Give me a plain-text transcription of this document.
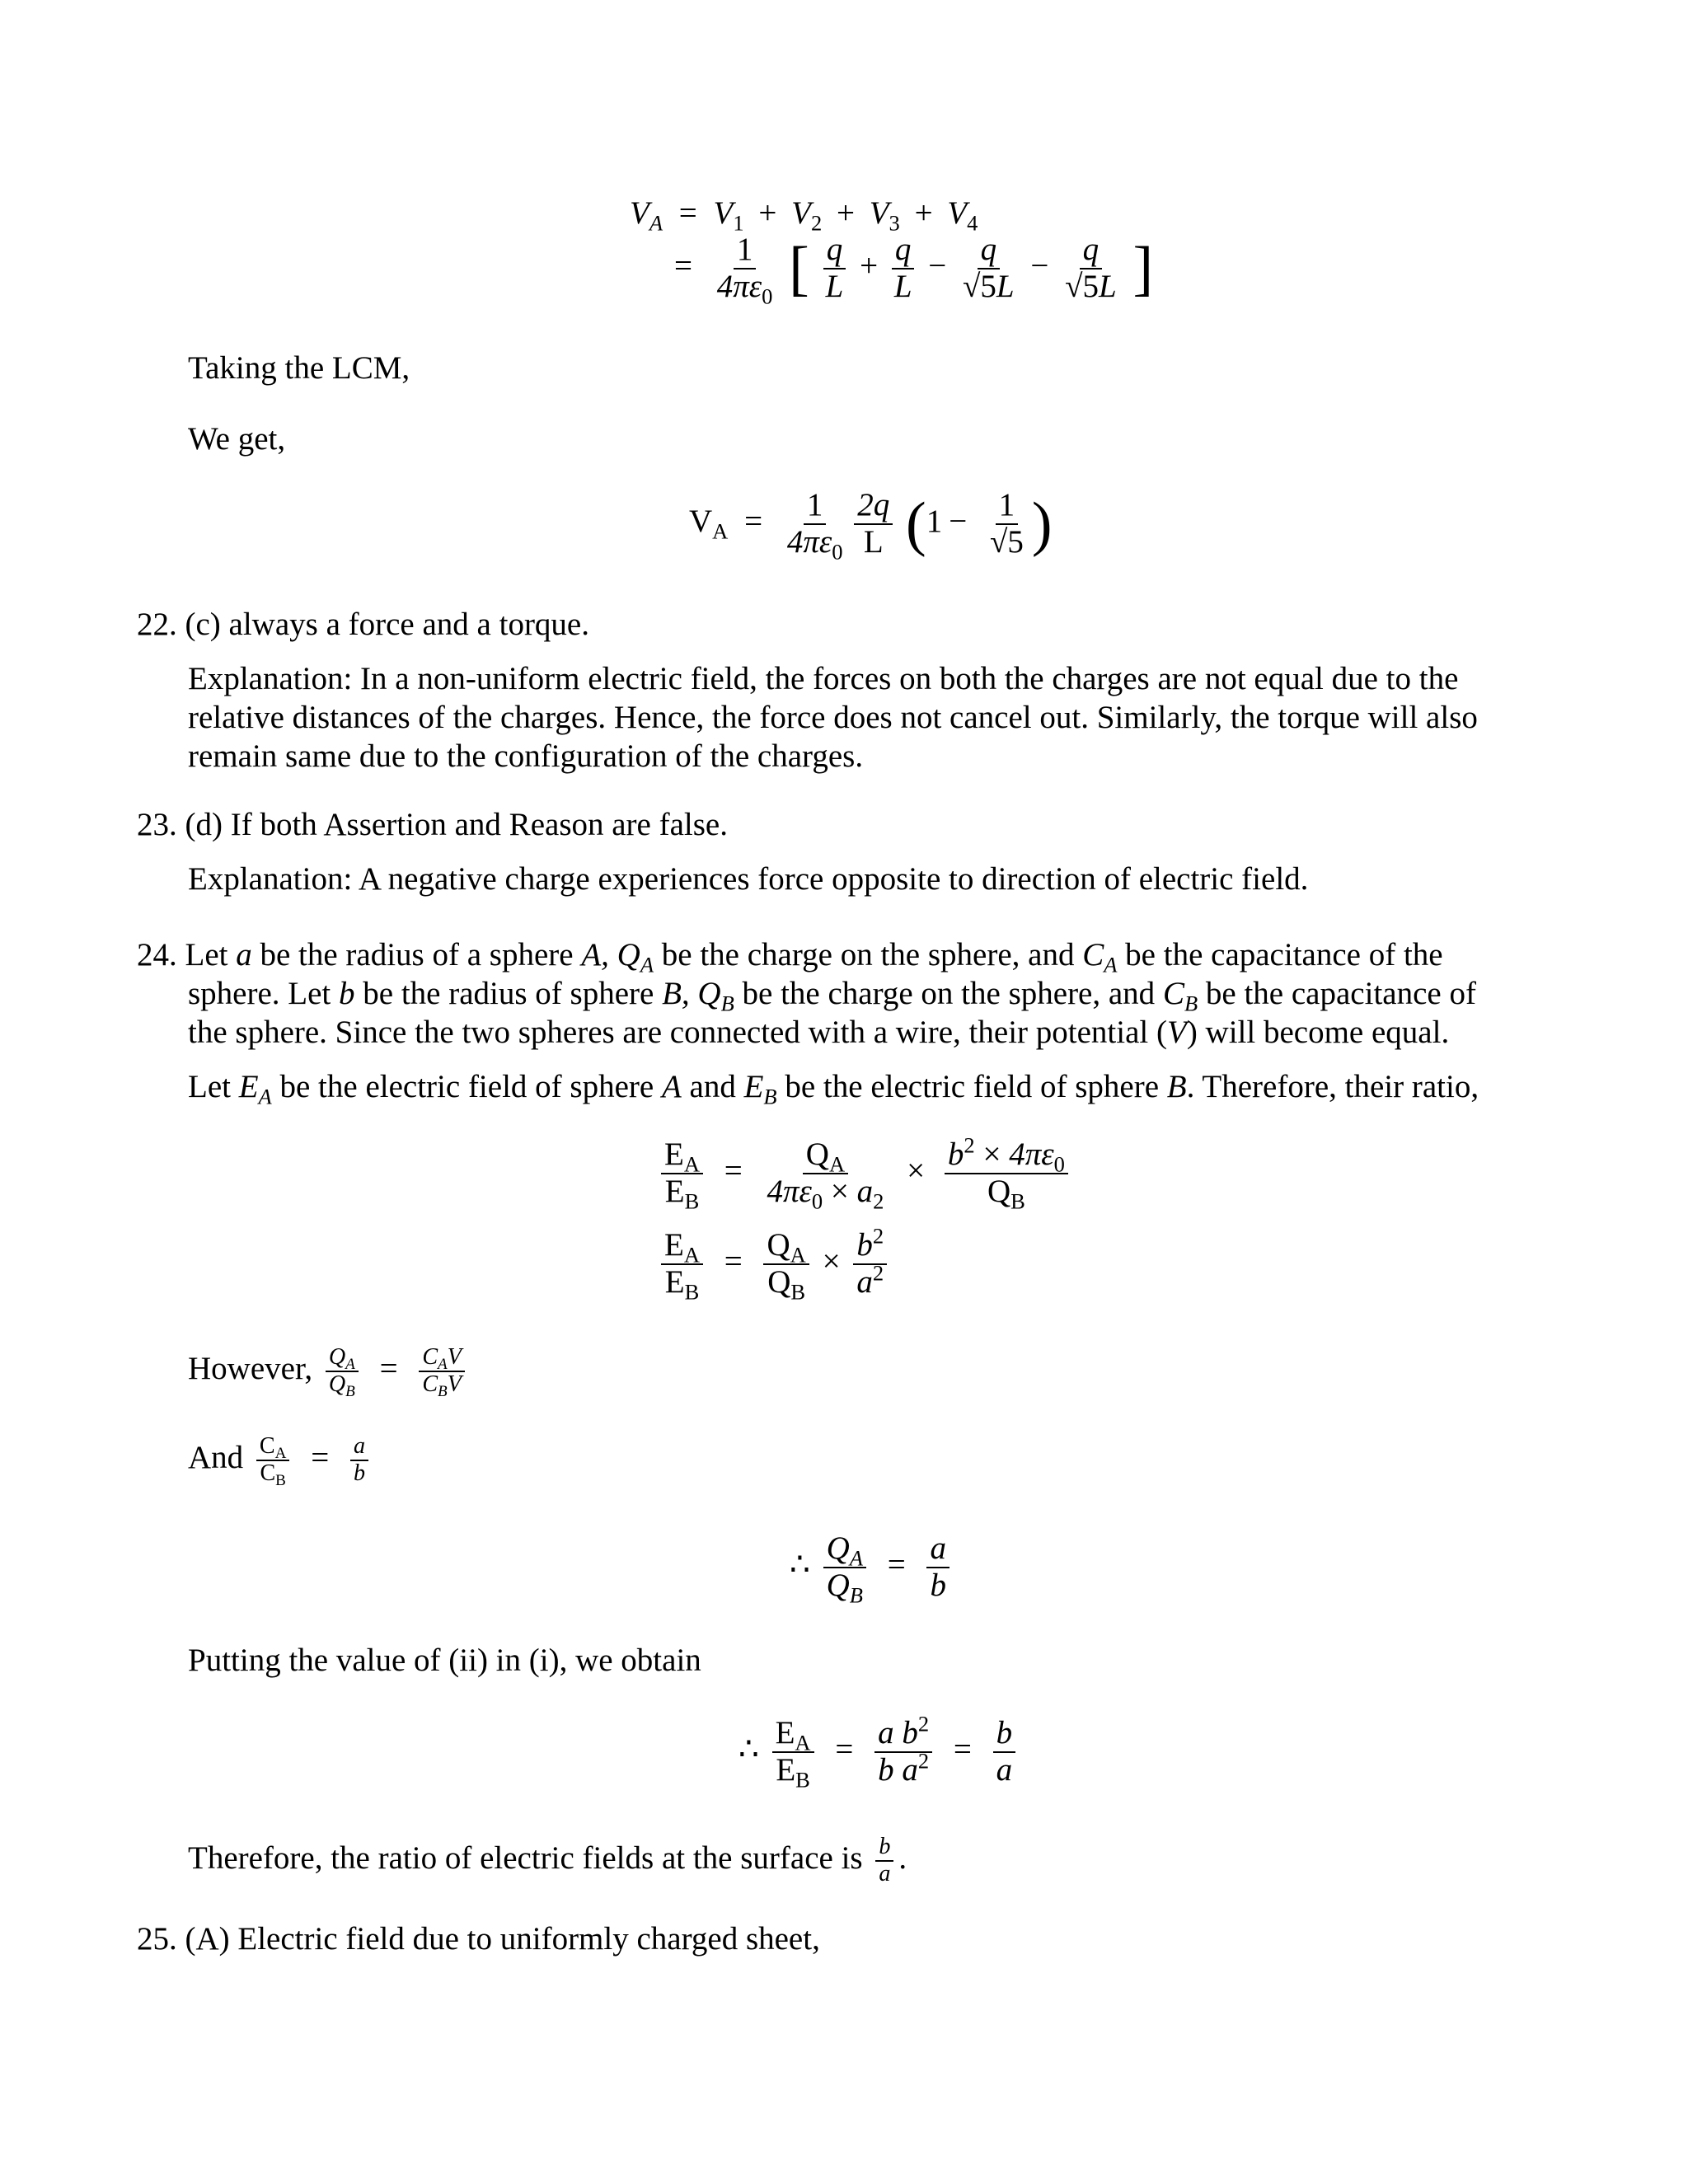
$V_A = V_1 + V_2 + V_3 + V_4$
= $\frac{1}{4\pi\varepsilon_0}$ [ $\frac{q}{L} + \frac{q}{L} - \frac{q}{√5L} - \frac{q}{√5L}$ ]
Taking the LCM,
We get,
$V_A = \frac{1}{4\pi\varepsilon_0}$
$\frac{2q}{L} (1 - \frac{1}{√5}$ )
22. (c) always a force and a torque.
Explanation: In a non-uniform electric field, the forces on both the charges are not equal due to the relative distances of the charges. Hence, the force does not cancel out. Similarly, the torque will also remain same due to the configuration of the charges.
23. (d) If both Assertion and Reason are false.
Explanation: A negative charge experiences force opposite to direction of electric field.
24. Let a be the radius of a sphere A, $Q_A$ be the charge on the sphere, and $C_A$ be the capacitance of the
sphere. Let b be the radius of sphere B, $Q_B$ be the charge on the sphere, and $C_B$ be the capacitance of
the sphere. Since the two spheres are connected with a wire, their potential (V) will become equal.
Let $E_A$ be the electric field of sphere A and $E_B$ be the electric field of sphere B. Therefore, their ratio,
$\frac{E_A}{E_B} = \frac{Q_A}{4\pi\varepsilon_0 \times a_2} \times \frac{b^2 \times 4\pi\varepsilon_0}{Q_B}$
$\frac{E_A}{E_B} = \frac{Q_A}{Q_B} \times \frac{b^2}{a^2}$
However, $\frac{Q_A}{Q_B} = \frac{C_AV}{C_BV}$
And $\frac{C_A}{C_B} = \frac{a}{b}$
∴ $\frac{Q_A}{Q_B} = \frac{a}{b}$
Putting the value of (ii) in (i), we obtain
∴ $\frac{E_A}{E_B} = \frac{a b^2}{b a^2} = \frac{b}{a}$
Therefore, the ratio of electric fields at the surface is $\frac{b}{a}$ .
25. (A) Electric field due to uniformly charged sheet,
